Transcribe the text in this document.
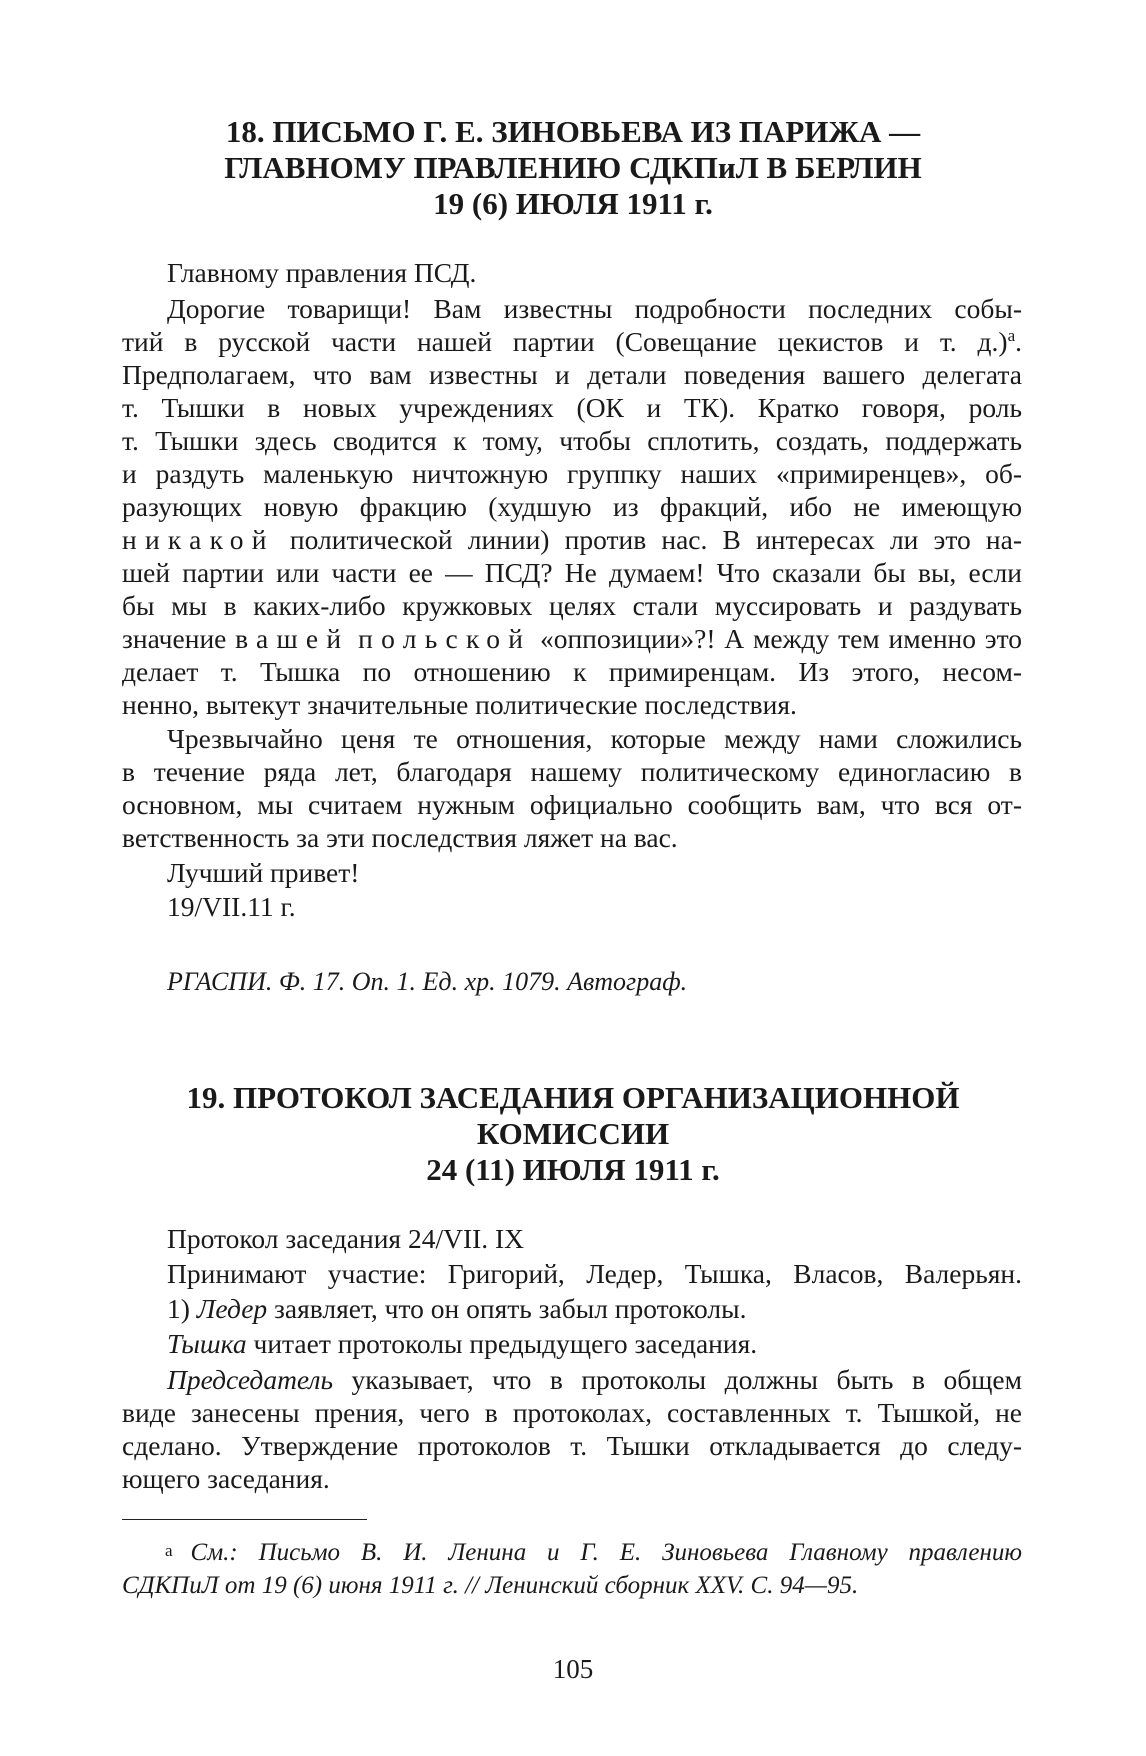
18. ПИСЬМО Г. Е. ЗИНОВЬЕВА ИЗ ПАРИЖА —
ГЛАВНОМУ ПРАВЛЕНИЮ СДКПиЛ В БЕРЛИН
19 (6) ИЮЛЯ 1911 г.
Главному правления ПСД.
Дорогие товарищи! Вам известны подробности последних собы-
тий в русской части нашей партии (Совещание цекистов и т. д.)$^а$.
Предполагаем, что вам известны и детали поведения вашего делегата
т. Тышки в новых учреждениях (ОК и ТК). Кратко говоря, роль
т. Тышки здесь сводится к тому, чтобы сплотить, создать, поддержать
и раздуть маленькую ничтожную группку наших «примиренцев», об-
разующих новую фракцию (худшую из фракций, ибо не имеющую
никакой политической линии) против нас. В интересах ли это на-
шей партии или части ее — ПСД? Не думаем! Что сказали бы вы, если
бы мы в каких-либо кружковых целях стали муссировать и раздувать
значение вашей польской «оппозиции»?! А между тем именно это
делает т. Тышка по отношению к примиренцам. Из этого, несом-
ненно, вытекут значительные политические последствия.
Чрезвычайно ценя те отношения, которые между нами сложились
в течение ряда лет, благодаря нашему политическому единогласию в
основном, мы считаем нужным официально сообщить вам, что вся от-
ветственность за эти последствия ляжет на вас.
Лучший привет!
19/VII.11 г.
РГАСПИ. Ф. 17. Оп. 1. Ед. хр. 1079. Автограф.
19. ПРОТОКОЛ ЗАСЕДАНИЯ ОРГАНИЗАЦИОННОЙ
КОМИССИИ
24 (11) ИЮЛЯ 1911 г.
Протокол заседания 24/VII. IX
Принимают участие: Григорий, Ледер, Тышка, Власов, Валерьян.
1) Ледер заявляет, что он опять забыл протоколы.
Тышка читает протоколы предыдущего заседания.
Председатель указывает, что в протоколы должны быть в общем
виде занесены прения, чего в протоколах, составленных т. Тышкой, не
сделано. Утверждение протоколов т. Тышки откладывается до следу-
ющего заседания.
$^а$ См.: Письмо В. И. Ленина и Г. Е. Зиновьева Главному правлению
СДКПиЛ от 19 (6) июня 1911 г. // Ленинский сборник XXV. С. 94—95.
105
